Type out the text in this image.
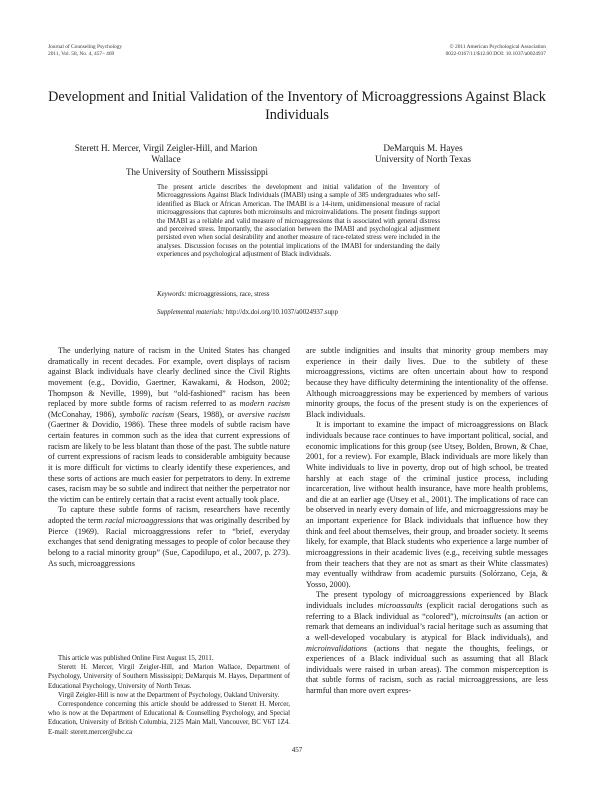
Journal of Counseling Psychology
2011, Vol. 58, No. 4, 457– 469
© 2011 American Psychological Association
0022-0167/11/$12.00 DOI: 10.1037/a0024937
Development and Initial Validation of the Inventory of Microaggressions Against Black Individuals
Sterett H. Mercer, Virgil Zeigler-Hill, and Marion Wallace
The University of Southern Mississippi
DeMarquis M. Hayes
University of North Texas

The present article describes the development and initial validation of the Inventory of Microaggressions Against Black Individuals (IMABI) using a sample of 385 undergraduates who self-identified as Black or African American. The IMABI is a 14-item, unidimensional measure of racial microaggressions that captures both microinsults and microinvalidations. The present findings support the IMABI as a reliable and valid measure of microaggressions that is associated with general distress and perceived stress. Importantly, the association between the IMABI and psychological adjustment persisted even when social desirability and another measure of race-related stress were included in the analyses. Discussion focuses on the potential implications of the IMABI for understanding the daily experiences and psychological adjustment of Black individuals.

Keywords: microaggressions, race, stress
Supplemental materials: http://dx.doi.org/10.1037/a0024937.supp

The underlying nature of racism in the United States has changed dramatically in recent decades. For example, overt displays of racism against Black individuals have clearly declined since the Civil Rights movement (e.g., Dovidio, Gaertner, Kawakami, & Hodson, 2002; Thompson & Neville, 1999), but “old-fashioned” racism has been replaced by more subtle forms of racism referred to as modern racism (McConahay, 1986), symbolic racism (Sears, 1988), or aversive racism (Gaertner & Dovidio, 1986). These three models of subtle racism have certain features in common such as the idea that current expressions of racism are likely to be less blatant than those of the past. The subtle nature of current expressions of racism leads to considerable ambiguity because it is more difficult for victims to clearly identify these experiences, and these sorts of actions are much easier for perpetrators to deny. In extreme cases, racism may be so subtle and indirect that neither the perpetrator nor the victim can be entirely certain that a racist event actually took place.

To capture these subtle forms of racism, researchers have recently adopted the term racial microaggressions that was originally described by Pierce (1969). Racial microaggressions refer to “brief, everyday exchanges that send denigrating messages to people of color because they belong to a racial minority group” (Sue, Capodilupo, et al., 2007, p. 273). As such, microaggressions

are subtle indignities and insults that minority group members may experience in their daily lives. Due to the subtlety of these microaggressions, victims are often uncertain about how to respond because they have difficulty determining the intentionality of the offense. Although microaggressions may be experienced by members of various minority groups, the focus of the present study is on the experiences of Black individuals.

It is important to examine the impact of microaggressions on Black individuals because race continues to have important political, social, and economic implications for this group (see Utsey, Bolden, Brown, & Chae, 2001, for a review). For example, Black individuals are more likely than White individuals to live in poverty, drop out of high school, be treated harshly at each stage of the criminal justice process, including incarceration, live without health insurance, have more health problems, and die at an earlier age (Utsey et al., 2001). The implications of race can be observed in nearly every domain of life, and microaggressions may be an important experience for Black individuals that influence how they think and feel about themselves, their group, and broader society. It seems likely, for example, that Black students who experience a large number of microaggressions in their academic lives (e.g., receiving subtle messages from their teachers that they are not as smart as their White classmates) may eventually withdraw from academic pursuits (Solórzano, Ceja, & Yosso, 2000).

The present typology of microaggressions experienced by Black individuals includes microassaults (explicit racial derogations such as referring to a Black individual as “colored”), microinsults (an action or remark that demeans an individual’s racial heritage such as assuming that a well-developed vocabulary is atypical for Black individuals), and microinvalidations (actions that negate the thoughts, feelings, or experiences of a Black individual such as assuming that all Black individuals were raised in urban areas). The common misperception is that subtle forms of racism, such as racial microaggressions, are less harmful than more overt expres-

This article was published Online First August 15, 2011.

Sterett H. Mercer, Virgil Zeigler-Hill, and Marion Wallace, Department of Psychology, University of Southern Mississippi; DeMarquis M. Hayes, Department of Educational Psychology, University of North Texas.

Virgil Zeigler-Hill is now at the Department of Psychology, Oakland University.

Correspondence concerning this article should be addressed to Sterett H. Mercer, who is now at the Department of Educational & Counselling Psychology, and Special Education, University of British Columbia, 2125 Main Mall, Vancouver, BC V6T 1Z4. E-mail: sterett.mercer@ubc.ca

457
